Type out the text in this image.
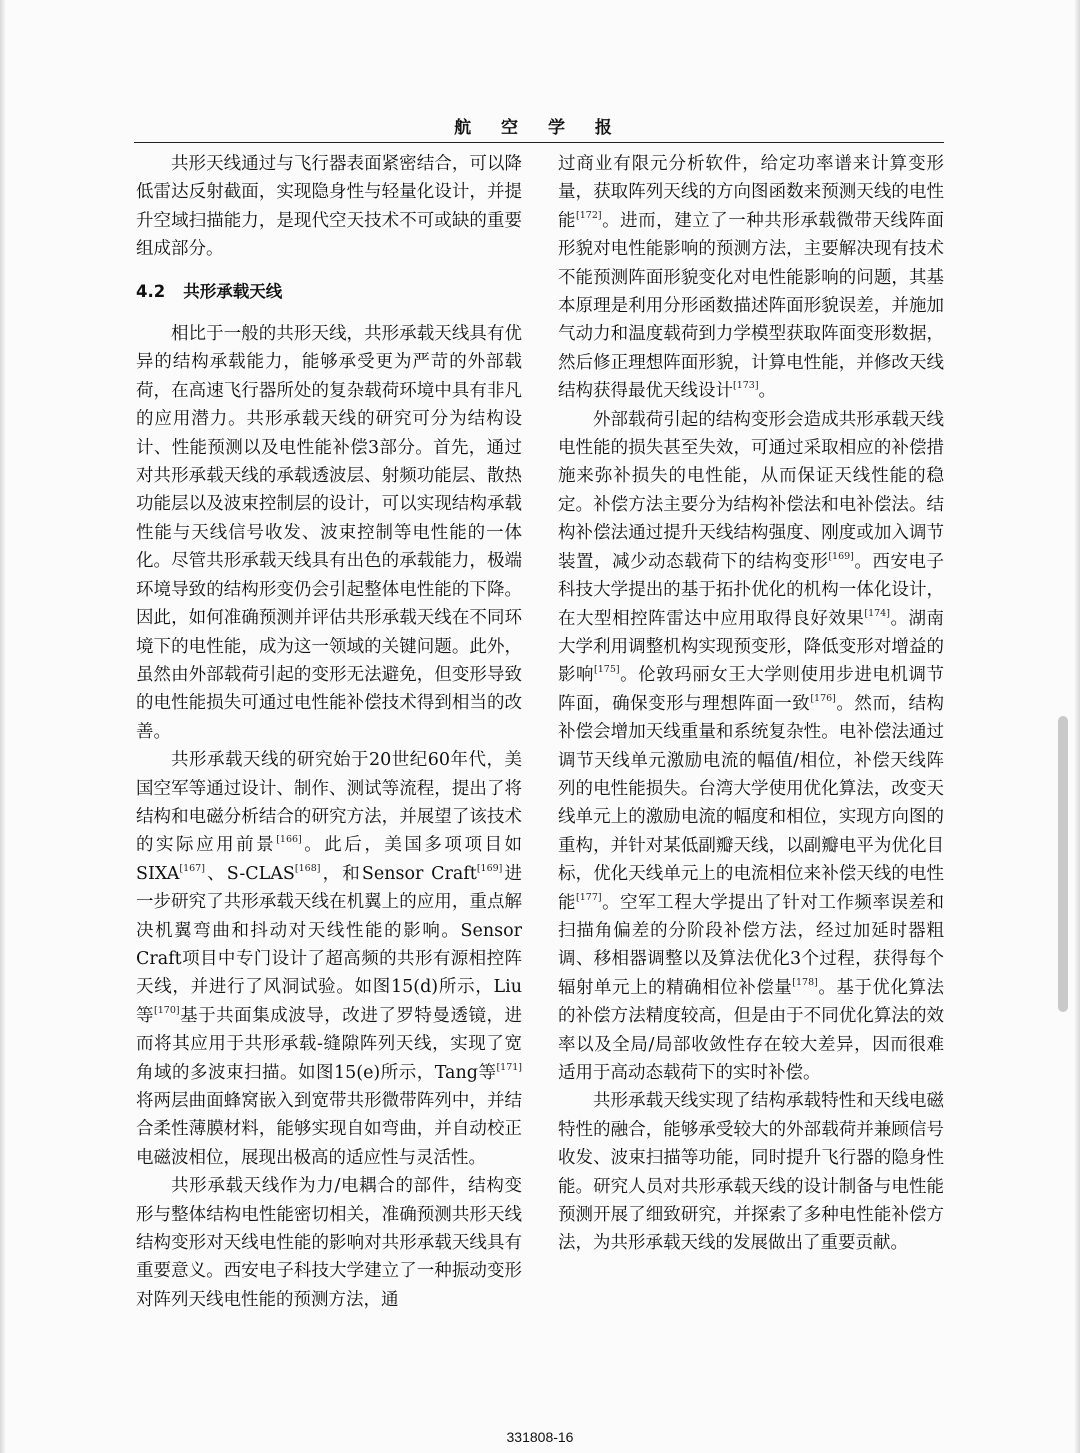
航 空 学 报

共形天线通过与飞行器表面紧密结合，可以降低雷达反射截面，实现隐身性与轻量化设计，并提升空域扫描能力，是现代空天技术不可或缺的重要组成部分。

4.2 共形承载天线

相比于一般的共形天线，共形承载天线具有优异的结构承载能力，能够承受更为严苛的外部载荷，在高速飞行器所处的复杂载荷环境中具有非凡的应用潜力。共形承载天线的研究可分为结构设计、性能预测以及电性能补偿3部分。首先，通过对共形承载天线的承载透波层、射频功能层、散热功能层以及波束控制层的设计，可以实现结构承载性能与天线信号收发、波束控制等电性能的一体化。尽管共形承载天线具有出色的承载能力，极端环境导致的结构形变仍会引起整体电性能的下降。因此，如何准确预测并评估共形承载天线在不同环境下的电性能，成为这一领域的关键问题。此外，虽然由外部载荷引起的变形无法避免，但变形导致的电性能损失可通过电性能补偿技术得到相当的改善。

共形承载天线的研究始于20世纪60年代，美国空军等通过设计、制作、测试等流程，提出了将结构和电磁分析结合的研究方法，并展望了该技术的实际应用前景[166]。此后，美国多项项目如SIXA[167]、S-CLAS[168]，和Sensor Craft[169]进一步研究了共形承载天线在机翼上的应用，重点解决机翼弯曲和抖动对天线性能的影响。Sensor Craft项目中专门设计了超高频的共形有源相控阵天线，并进行了风洞试验。如图15(d)所示，Liu等[170]基于共面集成波导，改进了罗特曼透镜，进而将其应用于共形承载-缝隙阵列天线，实现了宽角域的多波束扫描。如图15(e)所示，Tang等[171]将两层曲面蜂窝嵌入到宽带共形微带阵列中，并结合柔性薄膜材料，能够实现自如弯曲，并自动校正电磁波相位，展现出极高的适应性与灵活性。

共形承载天线作为力/电耦合的部件，结构变形与整体结构电性能密切相关，准确预测共形天线结构变形对天线电性能的影响对共形承载天线具有重要意义。西安电子科技大学建立了一种振动变形对阵列天线电性能的预测方法，通

过商业有限元分析软件，给定功率谱来计算变形量，获取阵列天线的方向图函数来预测天线的电性能[172]。进而，建立了一种共形承载微带天线阵面形貌对电性能影响的预测方法，主要解决现有技术不能预测阵面形貌变化对电性能影响的问题，其基本原理是利用分形函数描述阵面形貌误差，并施加气动力和温度载荷到力学模型获取阵面变形数据，然后修正理想阵面形貌，计算电性能，并修改天线结构获得最优天线设计[173]。

外部载荷引起的结构变形会造成共形承载天线电性能的损失甚至失效，可通过采取相应的补偿措施来弥补损失的电性能，从而保证天线性能的稳定。补偿方法主要分为结构补偿法和电补偿法。结构补偿法通过提升天线结构强度、刚度或加入调节装置，减少动态载荷下的结构变形[169]。西安电子科技大学提出的基于拓扑优化的机构一体化设计，在大型相控阵雷达中应用取得良好效果[174]。湖南大学利用调整机构实现预变形，降低变形对增益的影响[175]。伦敦玛丽女王大学则使用步进电机调节阵面，确保变形与理想阵面一致[176]。然而，结构补偿会增加天线重量和系统复杂性。电补偿法通过调节天线单元激励电流的幅值/相位，补偿天线阵列的电性能损失。台湾大学使用优化算法，改变天线单元上的激励电流的幅度和相位，实现方向图的重构，并针对某低副瓣天线，以副瓣电平为优化目标，优化天线单元上的电流相位来补偿天线的电性能[177]。空军工程大学提出了针对工作频率误差和扫描角偏差的分阶段补偿方法，经过加延时器粗调、移相器调整以及算法优化3个过程，获得每个辐射单元上的精确相位补偿量[178]。基于优化算法的补偿方法精度较高，但是由于不同优化算法的效率以及全局/局部收敛性存在较大差异，因而很难适用于高动态载荷下的实时补偿。

共形承载天线实现了结构承载特性和天线电磁特性的融合，能够承受较大的外部载荷并兼顾信号收发、波束扫描等功能，同时提升飞行器的隐身性能。研究人员对共形承载天线的设计制备与电性能预测开展了细致研究，并探索了多种电性能补偿方法，为共形承载天线的发展做出了重要贡献。

331808-16
